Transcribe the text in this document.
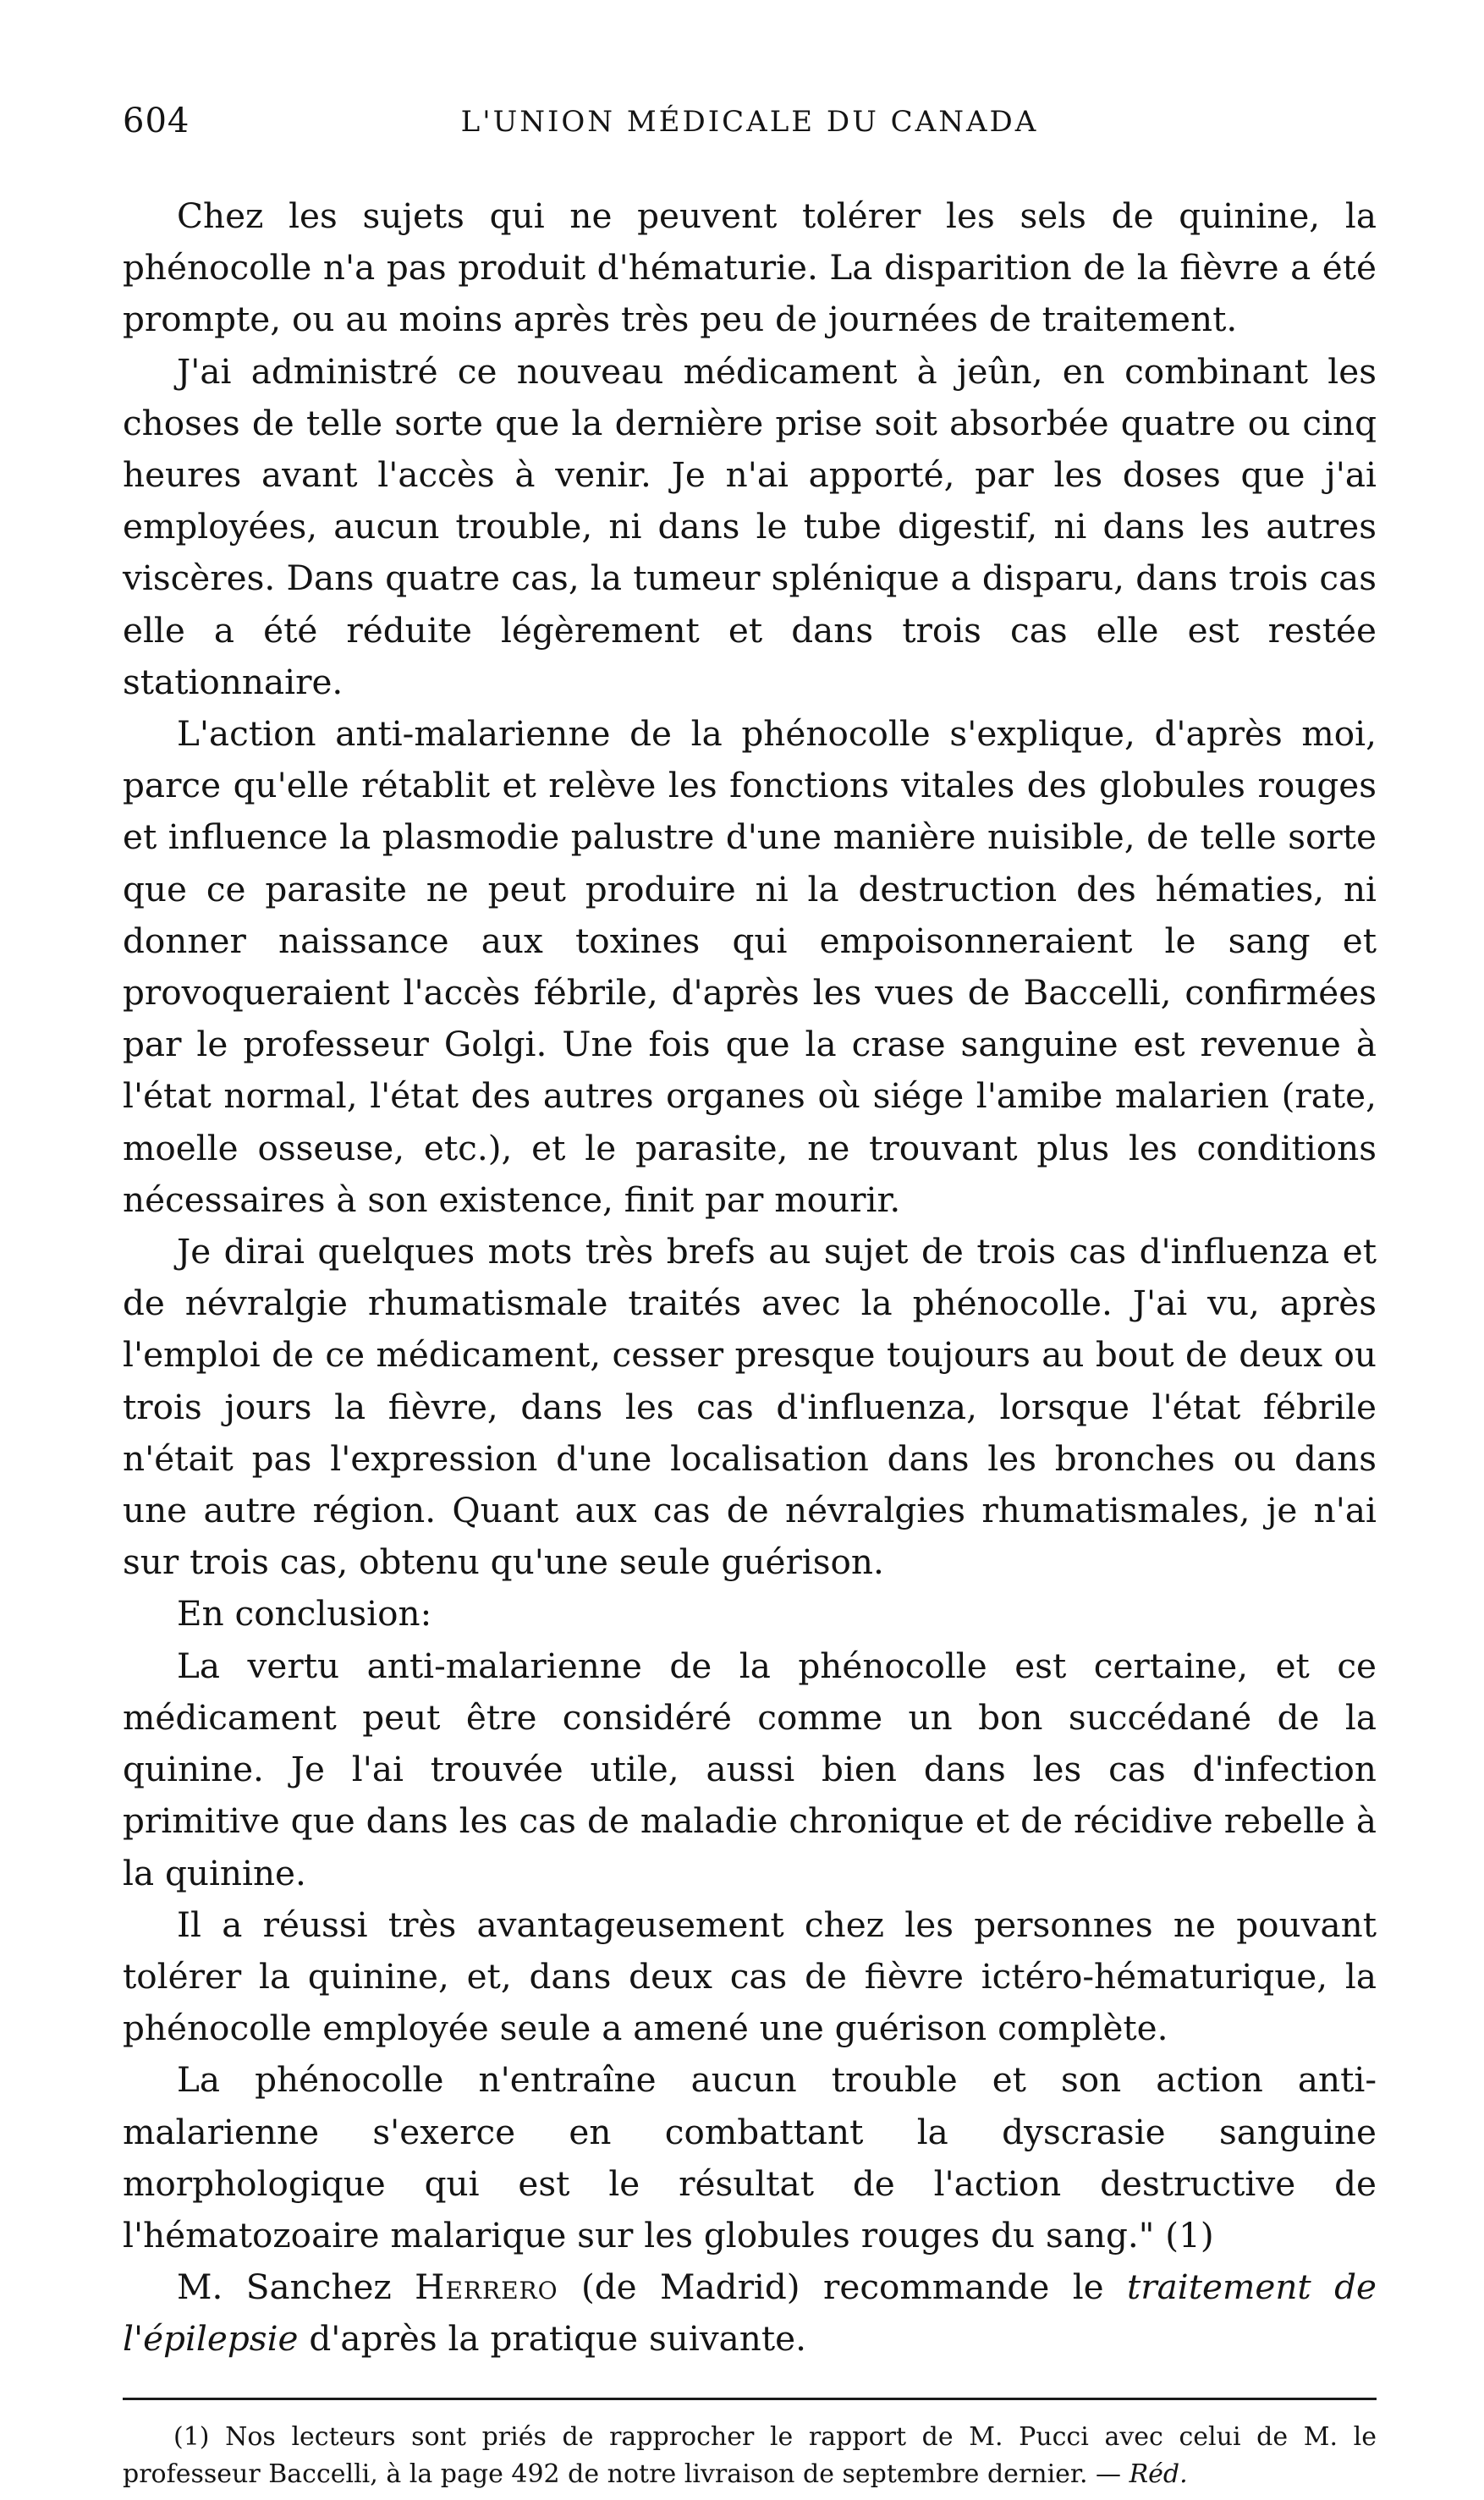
604	L'UNION MÉDICALE DU CANADA

Chez les sujets qui ne peuvent tolérer les sels de quinine, la phénocolle n'a pas produit d'hématurie. La disparition de la fièvre a été prompte, ou au moins après très peu de journées de traitement.

J'ai administré ce nouveau médicament à jeûn, en combinant les choses de telle sorte que la dernière prise soit absorbée quatre ou cinq heures avant l'accès à venir. Je n'ai apporté, par les doses que j'ai employées, aucun trouble, ni dans le tube digestif, ni dans les autres viscères. Dans quatre cas, la tumeur splénique a disparu, dans trois cas elle a été réduite légèrement et dans trois cas elle est restée stationnaire.

L'action anti-malarienne de la phénocolle s'explique, d'après moi, parce qu'elle rétablit et relève les fonctions vitales des globules rouges et influence la plasmodie palustre d'une manière nuisible, de telle sorte que ce parasite ne peut produire ni la destruction des hématies, ni donner naissance aux toxines qui empoisonneraient le sang et provoqueraient l'accès fébrile, d'après les vues de Baccelli, confirmées par le professeur Golgi. Une fois que la crase sanguine est revenue à l'état normal, l'état des autres organes où siége l'amibe malarien (rate, moelle osseuse, etc.), et le parasite, ne trouvant plus les conditions nécessaires à son existence, finit par mourir.

Je dirai quelques mots très brefs au sujet de trois cas d'influenza et de névralgie rhumatismale traités avec la phénocolle. J'ai vu, après l'emploi de ce médicament, cesser presque toujours au bout de deux ou trois jours la fièvre, dans les cas d'influenza, lorsque l'état fébrile n'était pas l'expression d'une localisation dans les bronches ou dans une autre région. Quant aux cas de névralgies rhumatismales, je n'ai sur trois cas, obtenu qu'une seule guérison.

En conclusion:

La vertu anti-malarienne de la phénocolle est certaine, et ce médicament peut être considéré comme un bon succédané de la quinine. Je l'ai trouvée utile, aussi bien dans les cas d'infection primitive que dans les cas de maladie chronique et de récidive rebelle à la quinine.

Il a réussi très avantageusement chez les personnes ne pouvant tolérer la quinine, et, dans deux cas de fièvre ictéro-hématurique, la phénocolle employée seule a amené une guérison complète.

La phénocolle n'entraîne aucun trouble et son action anti-malarienne s'exerce en combattant la dyscrasie sanguine morphologique qui est le résultat de l'action destructive de l'hématozoaire malarique sur les globules rouges du sang." (1)

M. Sanchez Herrero (de Madrid) recommande le traitement de l'épilepsie d'après la pratique suivante.

(1) Nos lecteurs sont priés de rapprocher le rapport de M. Pucci avec celui de M. le professeur Baccelli, à la page 492 de notre livraison de septembre dernier. — Réd.
